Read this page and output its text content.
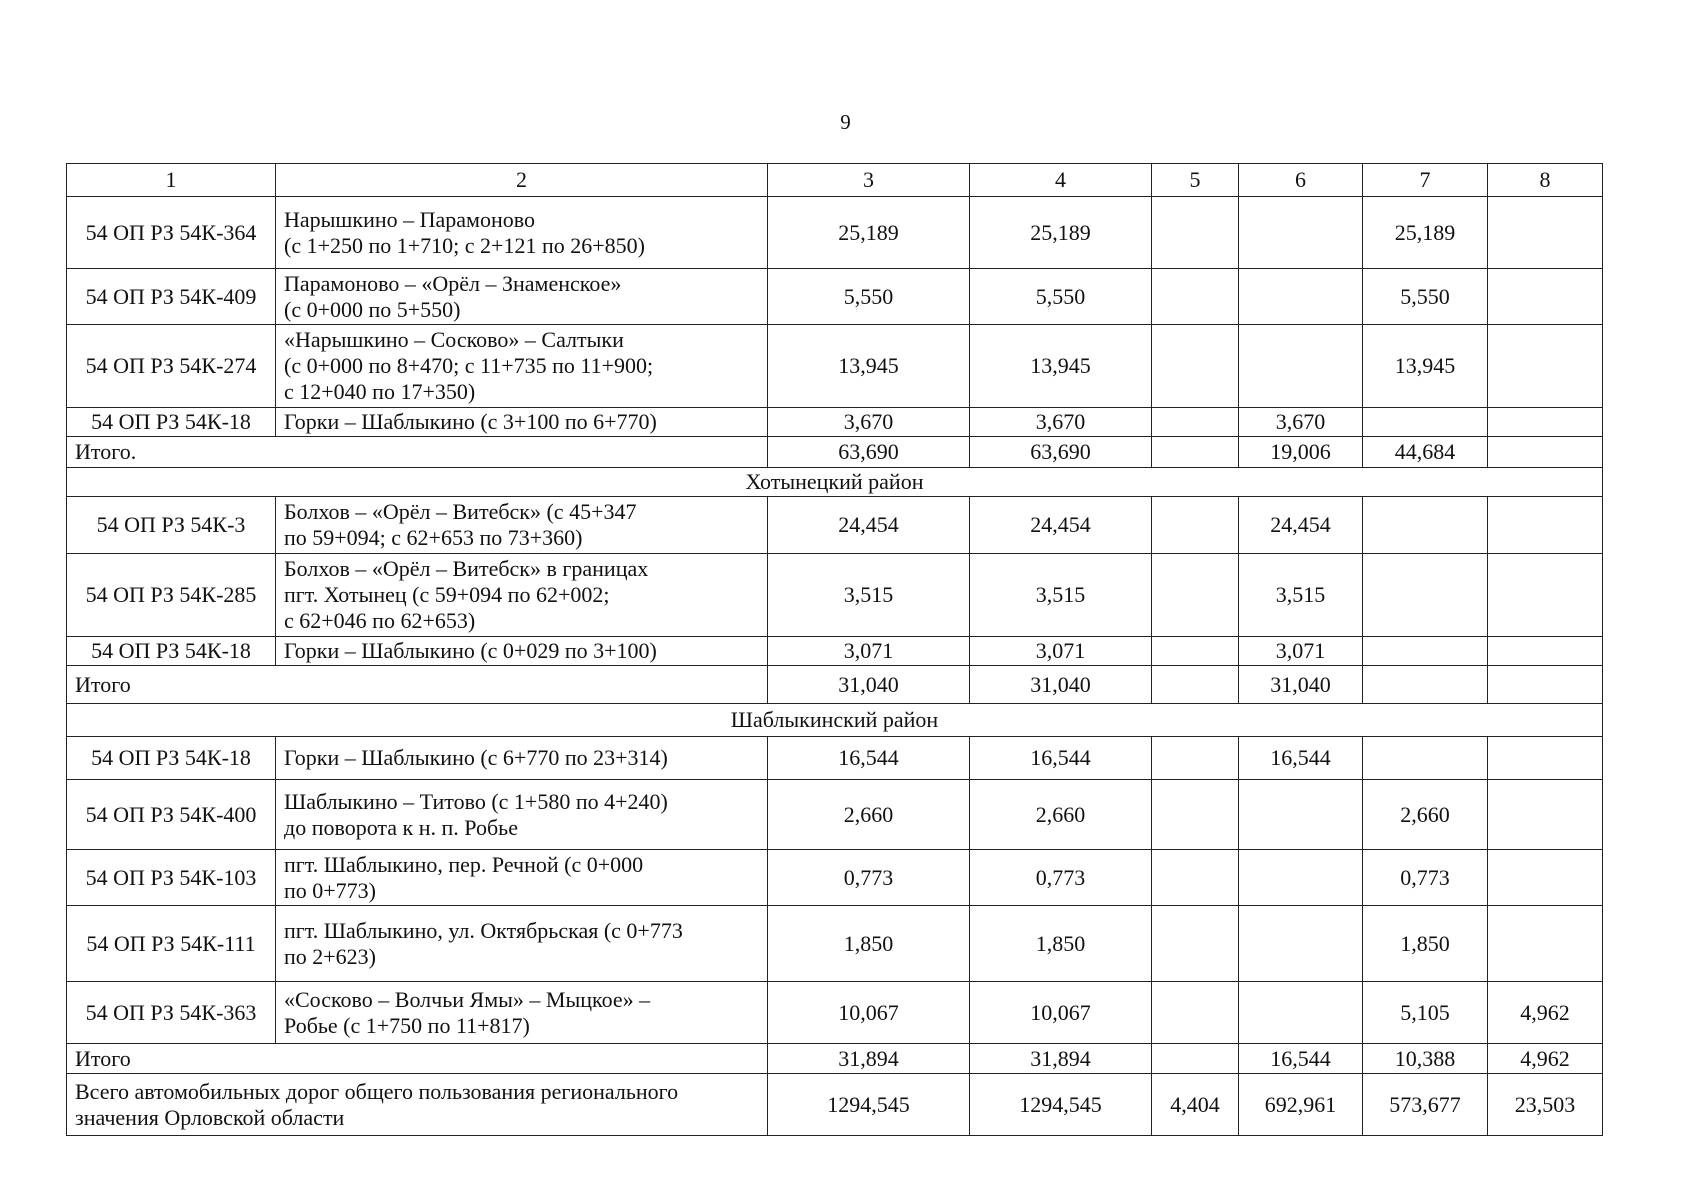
9
1	2	3	4	5	6	7	8
54 ОП РЗ 54К-364	Нарышкино – Парамоново
(с 1+250 по 1+710; с 2+121 по 26+850)	25,189	25,189			25,189	
54 ОП РЗ 54К-409	Парамоново – «Орёл – Знаменское»
(с 0+000 по 5+550)	5,550	5,550			5,550	
54 ОП РЗ 54К-274	«Нарышкино – Сосково» – Салтыки
(с 0+000 по 8+470; с 11+735 по 11+900;
с 12+040 по 17+350)	13,945	13,945			13,945	
54 ОП РЗ 54К-18	Горки – Шаблыкино (с 3+100 по 6+770)	3,670	3,670		3,670		
Итого.		63,690	63,690		19,006	44,684	
Хотынецкий район							
54 ОП РЗ 54К-3	Болхов – «Орёл – Витебск» (с 45+347
по 59+094; с 62+653 по 73+360)	24,454	24,454		24,454		
54 ОП РЗ 54К-285	Болхов – «Орёл – Витебск» в границах
пгт. Хотынец (с 59+094 по 62+002;
с 62+046 по 62+653)	3,515	3,515		3,515		
54 ОП РЗ 54К-18	Горки – Шаблыкино (с 0+029 по 3+100)	3,071	3,071		3,071		
Итого		31,040	31,040		31,040		
Шаблыкинский район							
54 ОП РЗ 54К-18	Горки – Шаблыкино (с 6+770 по 23+314)	16,544	16,544		16,544		
54 ОП РЗ 54К-400	Шаблыкино – Титово (с 1+580 по 4+240)
до поворота к н. п. Робье	2,660	2,660			2,660	
54 ОП РЗ 54К-103	пгт. Шаблыкино, пер. Речной (с 0+000
по 0+773)	0,773	0,773			0,773	
54 ОП РЗ 54К-111	пгт. Шаблыкино, ул. Октябрьская (с 0+773
по 2+623)	1,850	1,850			1,850	
54 ОП РЗ 54К-363	«Сосково – Волчьи Ямы» – Мыцкое» –
Робье (с 1+750 по 11+817)	10,067	10,067			5,105	4,962
Итого		31,894	31,894		16,544	10,388	4,962

Всего автомобильных дорог общего пользования регионального
значения Орловской области		1294,545	1294,545	4,404	692,961	573,677	23,503
